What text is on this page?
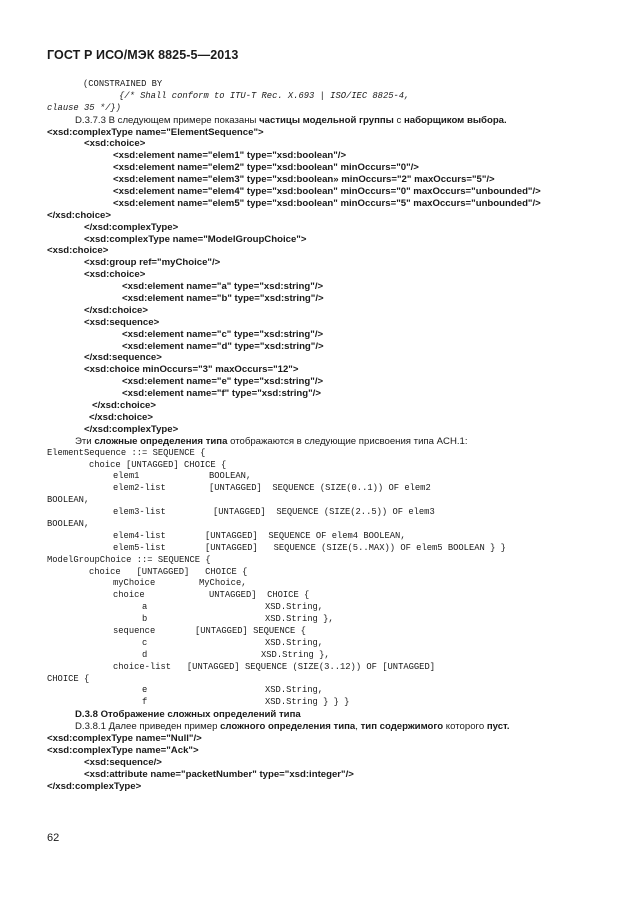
ГОСТ Р ИСО/МЭК 8825-5—2013
(CONSTRAINED BY
{/* Shall conform to ITU-T Rec. X.693 | ISO/IEC 8825-4,
clause 35 */})
D.3.7.3 В следующем примере показаны частицы модельной группы с наборщиком выбора.
<xsd:complexType name="ElementSequence">
<xsd:choice>
<xsd:element name="elem1" type="xsd:boolean"/>
<xsd:element name="elem2" type="xsd:boolean" minOccurs="0"/>
<xsd:element name="elem3" type="xsd:boolean» minOccurs="2" maxOccurs="5"/>
<xsd:element name="elem4" type="xsd:boolean" minOccurs="0" maxOccurs="unbounded"/>
<xsd:element name="elem5" type="xsd:boolean" minOccurs="5" maxOccurs="unbounded"/>
</xsd:choice>
</xsd:complexType>
<xsd:complexType name="ModelGroupChoice">
<xsd:choice>
<xsd:group ref="myChoice"/>
<xsd:choice>
<xsd:element name="a" type="xsd:string"/>
<xsd:element name="b" type="xsd:string"/>
</xsd:choice>
<xsd:sequence>
<xsd:element name="c" type="xsd:string"/>
<xsd:element name="d" type="xsd:string"/>
</xsd:sequence>
<xsd:choice minOccurs="3" maxOccurs="12">
<xsd:element name="e" type="xsd:string"/>
<xsd:element name="f" type="xsd:string"/>
</xsd:choice>
</xsd:choice>
</xsd:complexType>
Эти сложные определения типа отображаются в следующие присвоения типа ACH.1:
ElementSequence ::= SEQUENCE {
choice [UNTAGGED] CHOICE {
elem1	BOOLEAN,
elem2-list	[UNTAGGED]  SEQUENCE (SIZE(0..1)) OF elem2
BOOLEAN,
elem3-list	[UNTAGGED]  SEQUENCE (SIZE(2..5)) OF elem3
BOOLEAN,
elem4-list	[UNTAGGED]  SEQUENCE OF elem4 BOOLEAN,
elem5-list	[UNTAGGED]   SEQUENCE (SIZE(5..MAX)) OF elem5 BOOLEAN } }
ModelGroupChoice ::= SEQUENCE {
choice   [UNTAGGED]   CHOICE {
myChoice	MyChoice,
choice	UNTAGGED]  CHOICE {
a	XSD.String,
b	XSD.String },
sequence	[UNTAGGED] SEQUENCE {
c	XSD.String,
d	XSD.String },
choice-list   [UNTAGGED] SEQUENCE (SIZE(3..12)) OF [UNTAGGED]
CHOICE {
e	XSD.String,
f	XSD.String } } }
D.3.8 Отображение сложных определений типа
D.3.8.1 Далее приведен пример сложного определения типа , тип содержимого которого пуст.
<xsd:complexType name="Null"/>
<xsd:complexType name="Ack">
<xsd:sequence/>
<xsd:attribute name="packetNumber" type="xsd:integer"/>
</xsd:complexType>
62
